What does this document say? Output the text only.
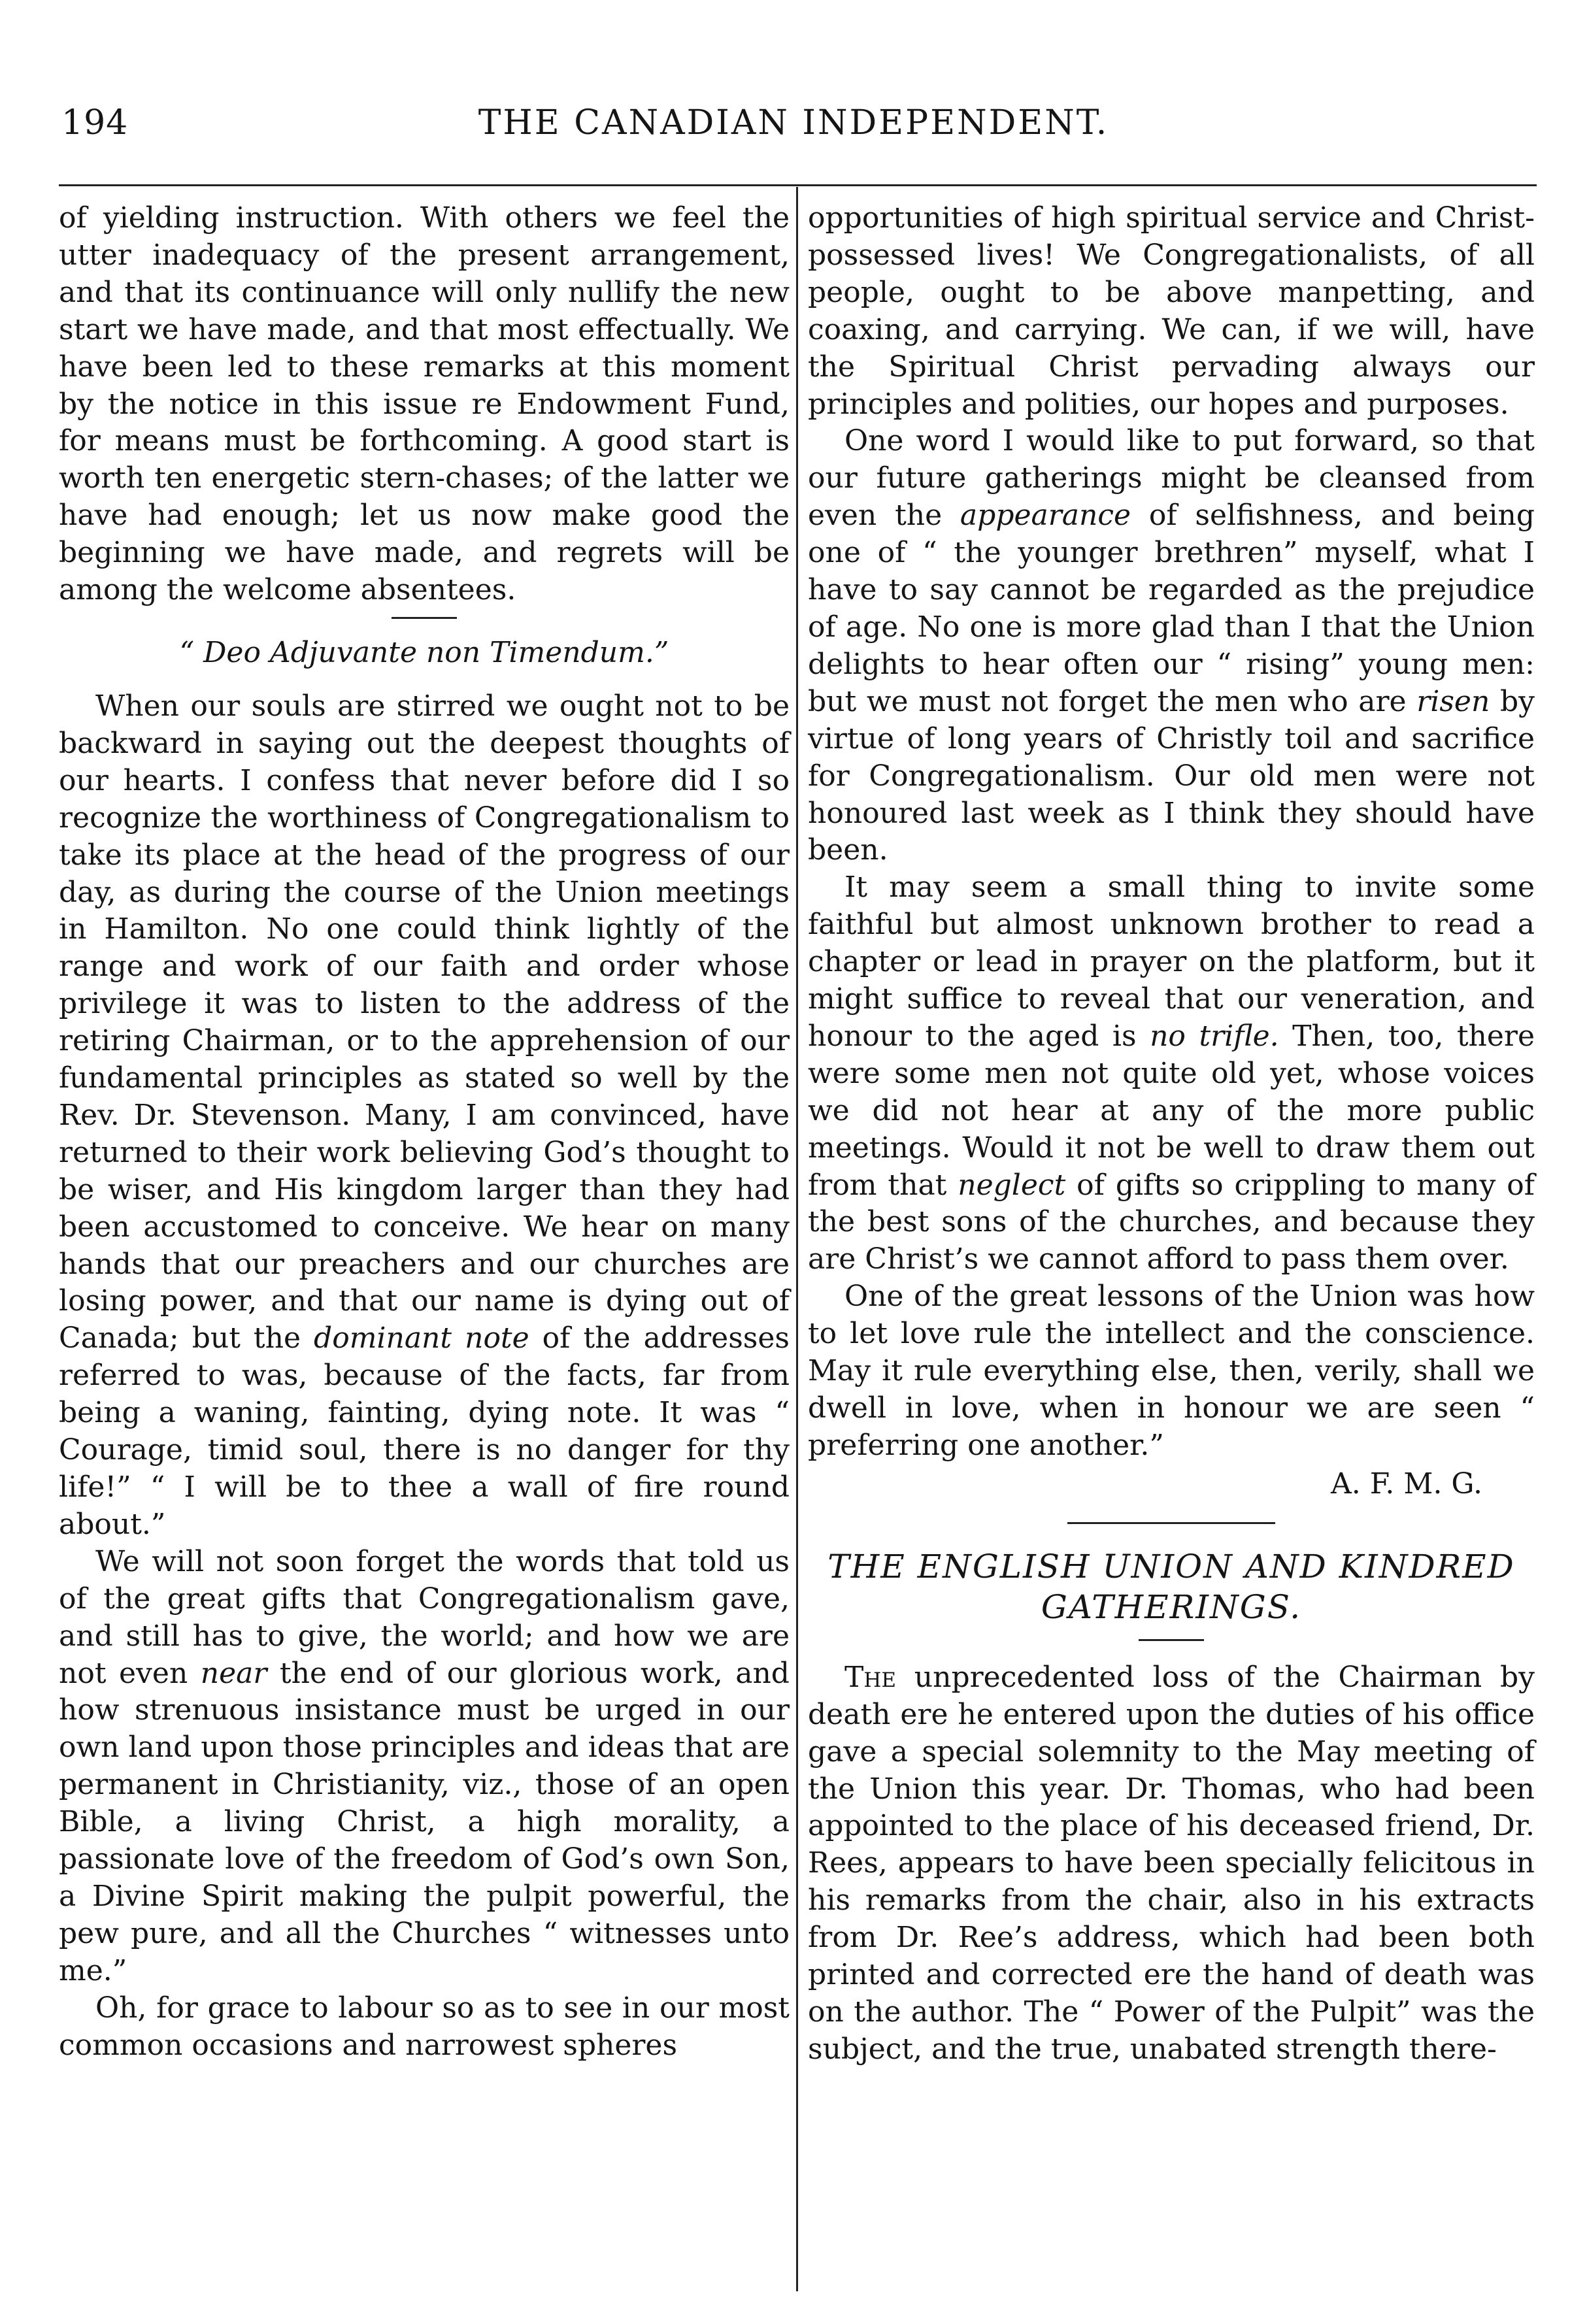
194	THE CANADIAN INDEPENDENT.

of yielding instruction. With others we feel the utter inadequacy of the present arrangement, and that its continuance will only nullify the new start we have made, and that most effectually. We have been led to these remarks at this moment by the notice in this issue re Endowment Fund, for means must be forthcoming. A good start is worth ten energetic stern-chases; of the latter we have had enough; let us now make good the beginning we have made, and regrets will be among the welcome absentees.

“ Deo Adjuvante non Timendum.”

When our souls are stirred we ought not to be backward in saying out the deepest thoughts of our hearts. I confess that never before did I so recognize the worthiness of Congregationalism to take its place at the head of the progress of our day, as during the course of the Union meetings in Hamilton. No one could think lightly of the range and work of our faith and order whose privilege it was to listen to the address of the retiring Chairman, or to the apprehension of our fundamental principles as stated so well by the Rev. Dr. Stevenson. Many, I am convinced, have returned to their work believing God’s thought to be wiser, and His kingdom larger than they had been accustomed to conceive. We hear on many hands that our preachers and our churches are losing power, and that our name is dying out of Canada; but the dominant note of the addresses referred to was, because of the facts, far from being a waning, fainting, dying note. It was “ Courage, timid soul, there is no danger for thy life!” “ I will be to thee a wall of fire round about.”

We will not soon forget the words that told us of the great gifts that Congregationalism gave, and still has to give, the world; and how we are not even near the end of our glorious work, and how strenuous insistance must be urged in our own land upon those principles and ideas that are permanent in Christianity, viz., those of an open Bible, a living Christ, a high morality, a passionate love of the freedom of God’s own Son, a Divine Spirit making the pulpit powerful, the pew pure, and all the Churches “ witnesses unto me.”

Oh, for grace to labour so as to see in our most common occasions and narrowest spheres

opportunities of high spiritual service and Christ-possessed lives! We Congregationalists, of all people, ought to be above manpetting, and coaxing, and carrying. We can, if we will, have the Spiritual Christ pervading always our principles and polities, our hopes and purposes.

One word I would like to put forward, so that our future gatherings might be cleansed from even the appearance of selfishness, and being one of “ the younger brethren” myself, what I have to say cannot be regarded as the prejudice of age. No one is more glad than I that the Union delights to hear often our “ rising” young men: but we must not forget the men who are risen by virtue of long years of Christly toil and sacrifice for Congregationalism. Our old men were not honoured last week as I think they should have been.

It may seem a small thing to invite some faithful but almost unknown brother to read a chapter or lead in prayer on the platform, but it might suffice to reveal that our veneration, and honour to the aged is no trifle. Then, too, there were some men not quite old yet, whose voices we did not hear at any of the more public meetings. Would it not be well to draw them out from that neglect of gifts so crippling to many of the best sons of the churches, and because they are Christ’s we cannot afford to pass them over.

One of the great lessons of the Union was how to let love rule the intellect and the conscience. May it rule everything else, then, verily, shall we dwell in love, when in honour we are seen “ preferring one another.”

A. F. M. G.
THE ENGLISH UNION AND KINDRED
GATHERINGS.

The unprecedented loss of the Chairman by death ere he entered upon the duties of his office gave a special solemnity to the May meeting of the Union this year. Dr. Thomas, who had been appointed to the place of his deceased friend, Dr. Rees, appears to have been specially felicitous in his remarks from the chair, also in his extracts from Dr. Ree’s address, which had been both printed and corrected ere the hand of death was on the author. The “ Power of the Pulpit” was the subject, and the true, unabated strength there-
